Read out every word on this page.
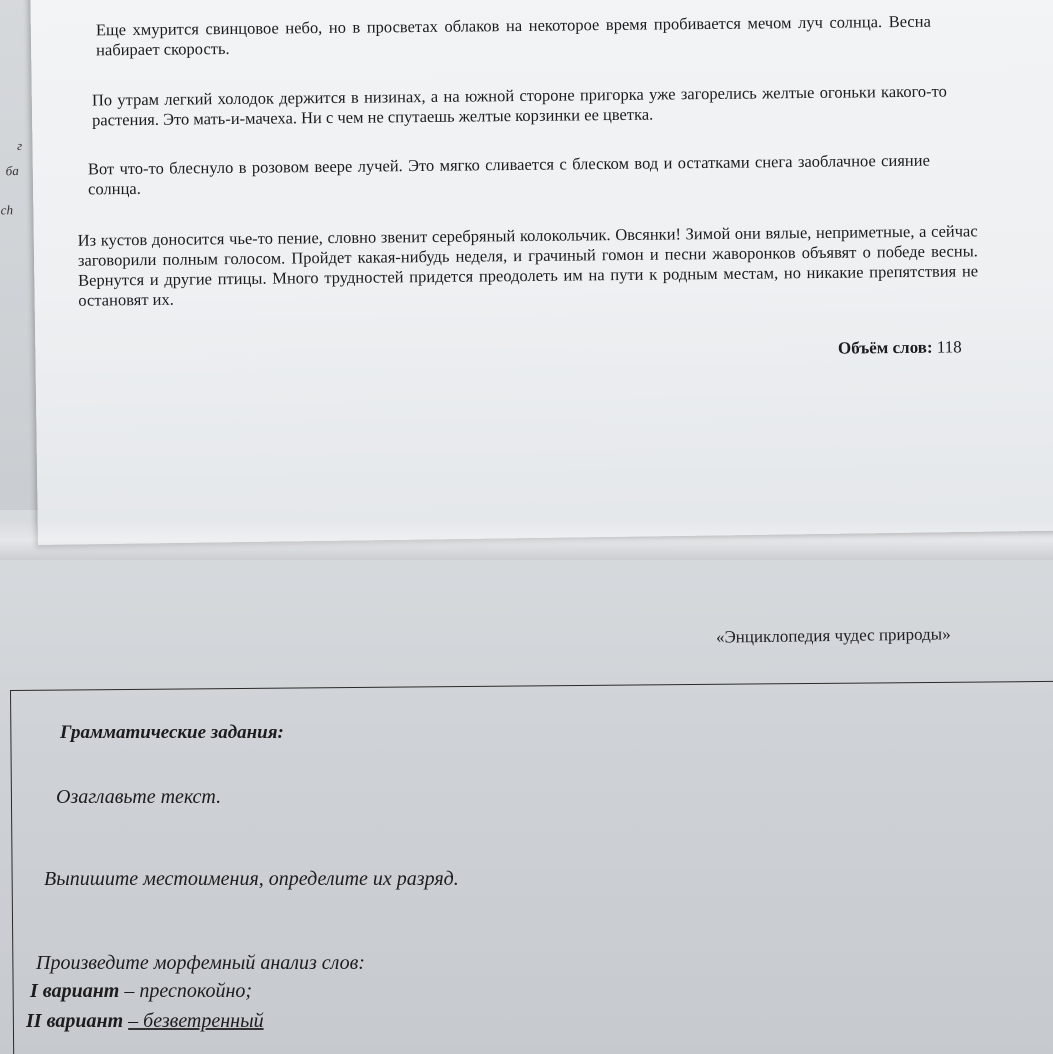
г
ба
ch

Еще хмурится свинцовое небо, но в просветах облаков на некоторое время пробивается мечом луч солнца. Весна набирает скорость.

По утрам легкий холодок держится в низинах, а на южной стороне пригорка уже загорелись желтые огоньки какого-то растения. Это мать-и-мачеха. Ни с чем не спутаешь желтые корзинки ее цветка.

Вот что-то блеснуло в розовом веере лучей. Это мягко сливается с блеском вод и остатками снега заоблачное сияние солнца.

Из кустов доносится чье-то пение, словно звенит серебряный колокольчик. Овсянки! Зимой они вялые, неприметные, а сейчас заговорили полным голосом. Пройдет какая-нибудь неделя, и грачиный гомон и песни жаворонков объявят о победе весны. Вернутся и другие птицы. Много трудностей придется преодолеть им на пути к родным местам, но никакие препятствия не остановят их.

Объём слов: 118
«Энциклопедия чудес природы»
Грамматические задания:
Озаглавьте текст.
Выпишите местоимения, определите их разряд.
Произведите морфемный анализ слов:
I вариант – преспокойно;
II вариант – безветренный
